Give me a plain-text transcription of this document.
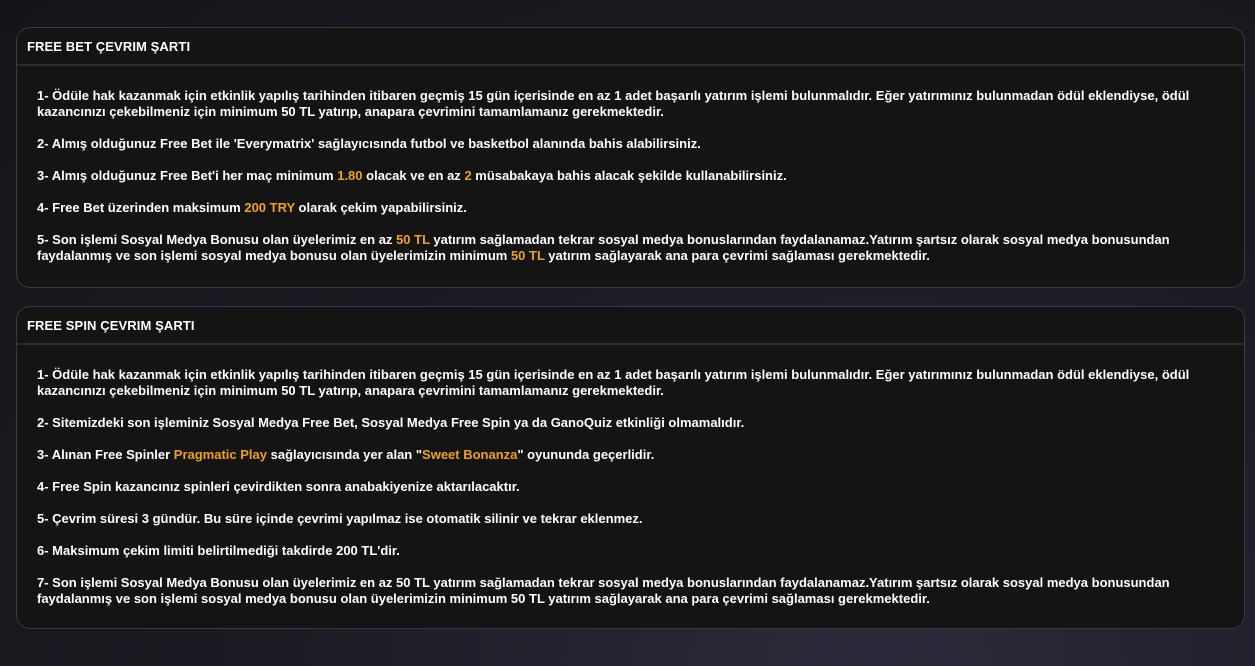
FREE BET ÇEVRIM ŞARTI

1- Ödüle hak kazanmak için etkinlik yapılış tarihinden itibaren geçmiş 15 gün içerisinde en az 1 adet başarılı yatırım işlemi bulunmalıdır. Eğer yatırımınız bulunmadan ödül eklendiyse, ödül kazancınızı çekebilmeniz için minimum 50 TL yatırıp, anapara çevrimini tamamlamanız gerekmektedir.

2- Almış olduğunuz Free Bet ile 'Everymatrix' sağlayıcısında futbol ve basketbol alanında bahis alabilirsiniz.

3- Almış olduğunuz Free Bet'i her maç minimum 1.80 olacak ve en az 2 müsabakaya bahis alacak şekilde kullanabilirsiniz.

4- Free Bet üzerinden maksimum 200 TRY olarak çekim yapabilirsiniz.

5- Son işlemi Sosyal Medya Bonusu olan üyelerimiz en az 50 TL yatırım sağlamadan tekrar sosyal medya bonuslarından faydalanamaz.Yatırım şartsız olarak sosyal medya bonusundan faydalanmış ve son işlemi sosyal medya bonusu olan üyelerimizin minimum 50 TL yatırım sağlayarak ana para çevrimi sağlaması gerekmektedir.

FREE SPIN ÇEVRIM ŞARTI

1- Ödüle hak kazanmak için etkinlik yapılış tarihinden itibaren geçmiş 15 gün içerisinde en az 1 adet başarılı yatırım işlemi bulunmalıdır. Eğer yatırımınız bulunmadan ödül eklendiyse, ödül kazancınızı çekebilmeniz için minimum 50 TL yatırıp, anapara çevrimini tamamlamanız gerekmektedir.

2- Sitemizdeki son işleminiz Sosyal Medya Free Bet, Sosyal Medya Free Spin ya da GanoQuiz etkinliği olmamalıdır.

3- Alınan Free Spinler Pragmatic Play sağlayıcısında yer alan "Sweet Bonanza" oyununda geçerlidir.

4- Free Spin kazancınız spinleri çevirdikten sonra anabakiyenize aktarılacaktır.

5- Çevrim süresi 3 gündür. Bu süre içinde çevrimi yapılmaz ise otomatik silinir ve tekrar eklenmez.

6- Maksimum çekim limiti belirtilmediği takdirde 200 TL'dir.

7- Son işlemi Sosyal Medya Bonusu olan üyelerimiz en az 50 TL yatırım sağlamadan tekrar sosyal medya bonuslarından faydalanamaz.Yatırım şartsız olarak sosyal medya bonusundan faydalanmış ve son işlemi sosyal medya bonusu olan üyelerimizin minimum 50 TL yatırım sağlayarak ana para çevrimi sağlaması gerekmektedir.
